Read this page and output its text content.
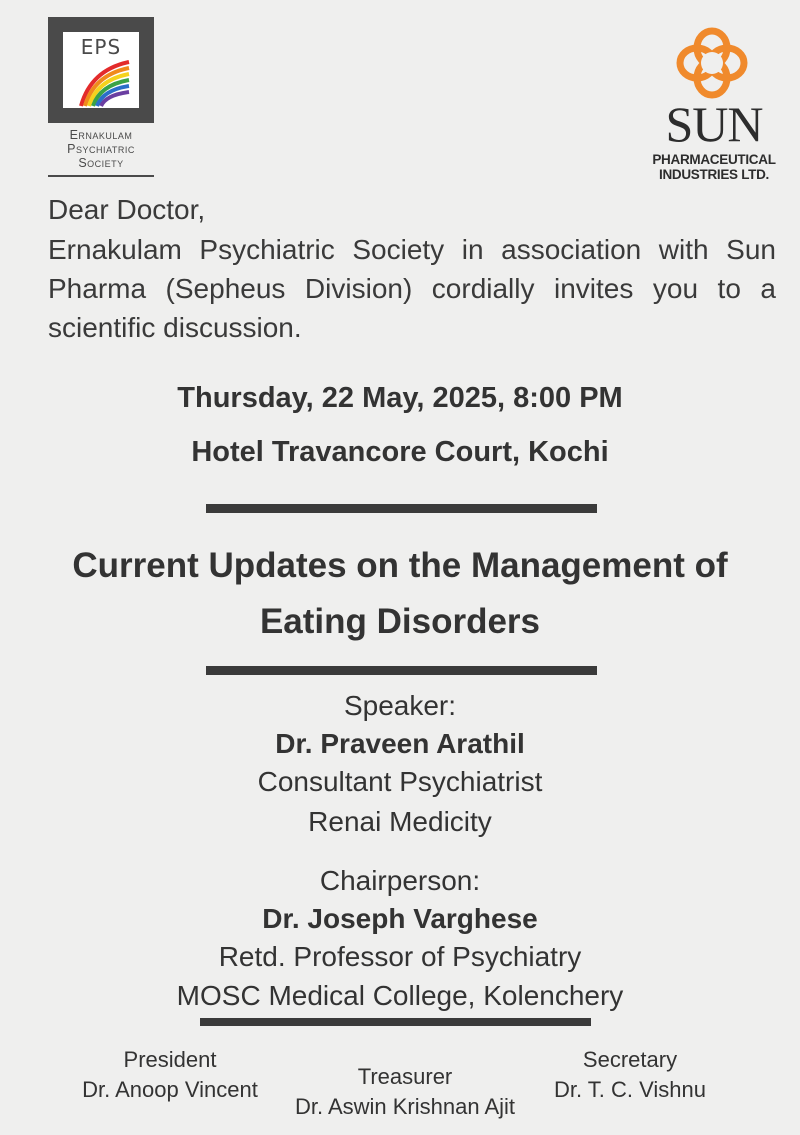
EPS
Ernakulam
Psychiatric
Society
SUN
PHARMACEUTICAL
INDUSTRIES LTD.
Dear Doctor,
Ernakulam Psychiatric Society in association with Sun Pharma (Sepheus Division) cordially invites you to a scientific discussion.
Thursday, 22 May, 2025, 8:00 PM
Hotel Travancore Court, Kochi
Current Updates on the Management of Eating Disorders
Speaker:
Dr. Praveen Arathil
Consultant Psychiatrist
Renai Medicity
Chairperson:
Dr. Joseph Varghese
Retd. Professor of Psychiatry
MOSC Medical College, Kolenchery
President
Dr. Anoop Vincent
Treasurer
Dr. Aswin Krishnan Ajit
Secretary
Dr. T. C. Vishnu
